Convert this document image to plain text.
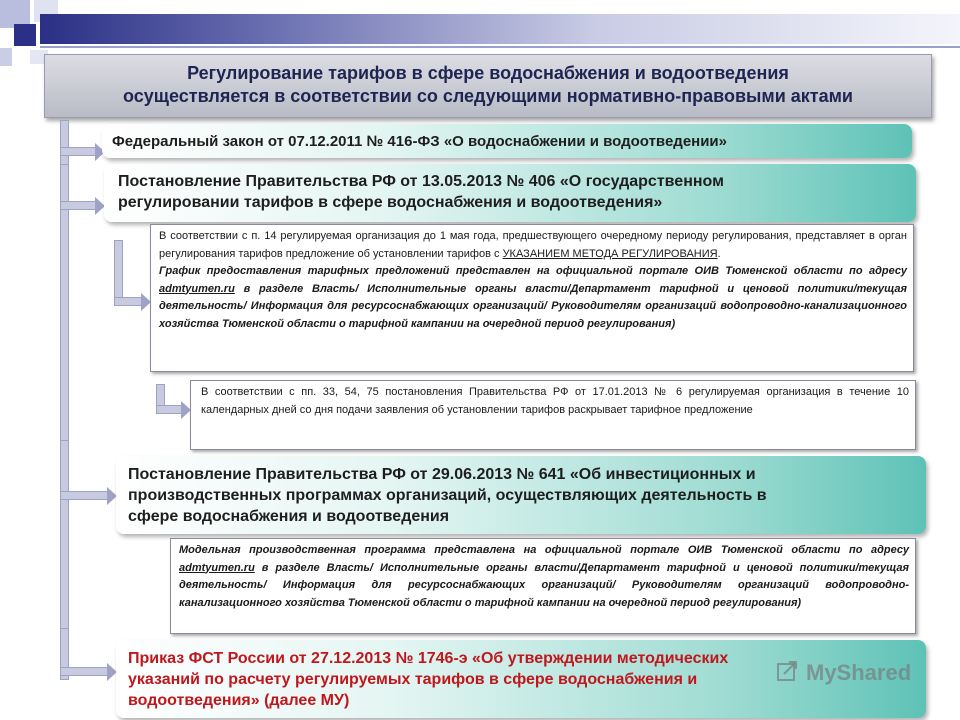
Регулирование тарифов в сфере водоснабжения и водоотведения
осуществляется в соответствии со следующими нормативно-правовыми актами
Федеральный закон от 07.12.2011 № 416-ФЗ «О водоснабжении и водоотведении»
Постановление Правительства РФ от 13.05.2013 № 406 «О государственном
регулировании тарифов в сфере водоснабжения и водоотведения»
В соответствии с п. 14 регулируемая организация до 1 мая года, предшествующего очередному периоду регулирования, представляет в орган регулирования тарифов предложение об установлении тарифов с УКАЗАНИЕМ МЕТОДА РЕГУЛИРОВАНИЯ.
График предоставления тарифных предложений представлен на официальной портале ОИВ Тюменской области по адресу admtyumen.ru в разделе Власть/ Исполнительные органы власти/Департамент тарифной и ценовой политики/текущая деятельность/ Информация для ресурсоснабжающих организаций/ Руководителям организаций водопроводно-канализационного хозяйства Тюменской области о тарифной кампании на очередной период регулирования)
В соответствии с пп. 33, 54, 75 постановления Правительства РФ от 17.01.2013 № 6 регулируемая организация в течение 10 календарных дней со дня подачи заявления об установлении тарифов раскрывает тарифное предложение
Постановление Правительства РФ от 29.06.2013 № 641 «Об инвестиционных и
производственных программах организаций, осуществляющих деятельность в
сфере водоснабжения и водоотведения
Модельная производственная программа представлена на официальной портале ОИВ Тюменской области по адресу admtyumen.ru в разделе Власть/ Исполнительные органы власти/Департамент тарифной и ценовой политики/текущая деятельность/ Информация для ресурсоснабжающих организаций/ Руководителям организаций водопроводно-канализационного хозяйства Тюменской области о тарифной кампании на очередной период регулирования)
Приказ ФСТ России от 27.12.2013 № 1746-э «Об утверждении методических
указаний по расчету регулируемых тарифов в сфере водоснабжения и
водоотведения» (далее МУ)
MyShared
